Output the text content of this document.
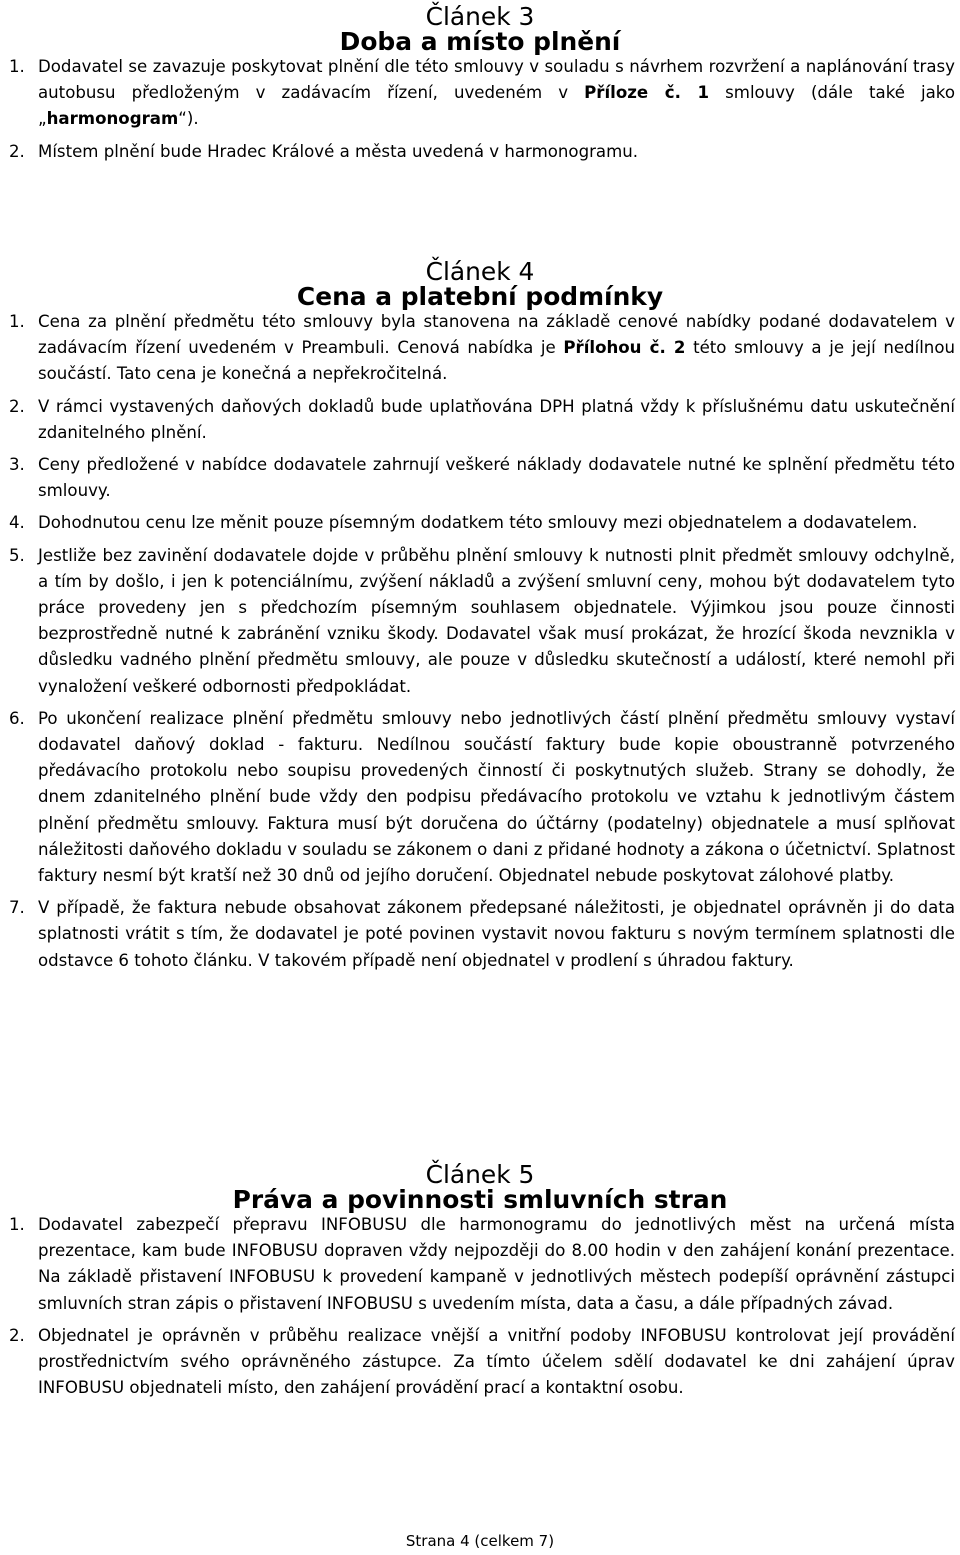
Článek 3
Doba a místo plnění
1. Dodavatel se zavazuje poskytovat plnění dle této smlouvy v souladu s návrhem rozvržení a naplánování trasy autobusu předloženým v zadávacím řízení, uvedeném v Příloze č. 1 smlouvy (dále také jako „harmonogram“).
2. Místem plnění bude Hradec Králové a města uvedená v harmonogramu.
Článek 4
Cena a platební podmínky
1. Cena za plnění předmětu této smlouvy byla stanovena na základě cenové nabídky podané dodavatelem v zadávacím řízení uvedeném v Preambuli. Cenová nabídka je Přílohou č. 2 této smlouvy a je její nedílnou součástí. Tato cena je konečná a nepřekročitelná.
2. V rámci vystavených daňových dokladů bude uplatňována DPH platná vždy k příslušnému datu uskutečnění zdanitelného plnění.
3. Ceny předložené v nabídce dodavatele zahrnují veškeré náklady dodavatele nutné ke splnění předmětu této smlouvy.
4. Dohodnutou cenu lze měnit pouze písemným dodatkem této smlouvy mezi objednatelem a dodavatelem.
5. Jestliže bez zavinění dodavatele dojde v průběhu plnění smlouvy k nutnosti plnit předmět smlouvy odchylně, a tím by došlo, i jen k potenciálnímu, zvýšení nákladů a zvýšení smluvní ceny, mohou být dodavatelem tyto práce provedeny jen s předchozím písemným souhlasem objednatele. Výjimkou jsou pouze činnosti bezprostředně nutné k zabránění vzniku škody. Dodavatel však musí prokázat, že hrozící škoda nevznikla v důsledku vadného plnění předmětu smlouvy, ale pouze v důsledku skutečností a událostí, které nemohl při vynaložení veškeré odbornosti předpokládat.
6. Po ukončení realizace plnění předmětu smlouvy nebo jednotlivých částí plnění předmětu smlouvy vystaví dodavatel daňový doklad - fakturu. Nedílnou součástí faktury bude kopie oboustranně potvrzeného předávacího protokolu nebo soupisu provedených činností či poskytnutých služeb. Strany se dohodly, že dnem zdanitelného plnění bude vždy den podpisu předávacího protokolu ve vztahu k jednotlivým částem plnění předmětu smlouvy. Faktura musí být doručena do účtárny (podatelny) objednatele a musí splňovat náležitosti daňového dokladu v souladu se zákonem o dani z přidané hodnoty a zákona o účetnictví. Splatnost faktury nesmí být kratší než 30 dnů od jejího doručení. Objednatel nebude poskytovat zálohové platby.
7. V případě, že faktura nebude obsahovat zákonem předepsané náležitosti, je objednatel oprávněn ji do data splatnosti vrátit s tím, že dodavatel je poté povinen vystavit novou fakturu s novým termínem splatnosti dle odstavce 6 tohoto článku. V takovém případě není objednatel v prodlení s úhradou faktury.
Článek 5
Práva a povinnosti smluvních stran
1. Dodavatel zabezpečí přepravu INFOBUSU dle harmonogramu do jednotlivých měst na určená místa prezentace, kam bude INFOBUSU dopraven vždy nejpozději do 8.00 hodin v den zahájení konání prezentace. Na základě přistavení INFOBUSU k provedení kampaně v jednotlivých městech podepíší oprávnění zástupci smluvních stran zápis o přistavení INFOBUSU s uvedením místa, data a času, a dále případných závad.
2. Objednatel je oprávněn v průběhu realizace vnější a vnitřní podoby INFOBUSU kontrolovat její provádění prostřednictvím svého oprávněného zástupce. Za tímto účelem sdělí dodavatel ke dni zahájení úprav INFOBUSU objednateli místo, den zahájení provádění prací a kontaktní osobu.
Strana 4 (celkem 7)
